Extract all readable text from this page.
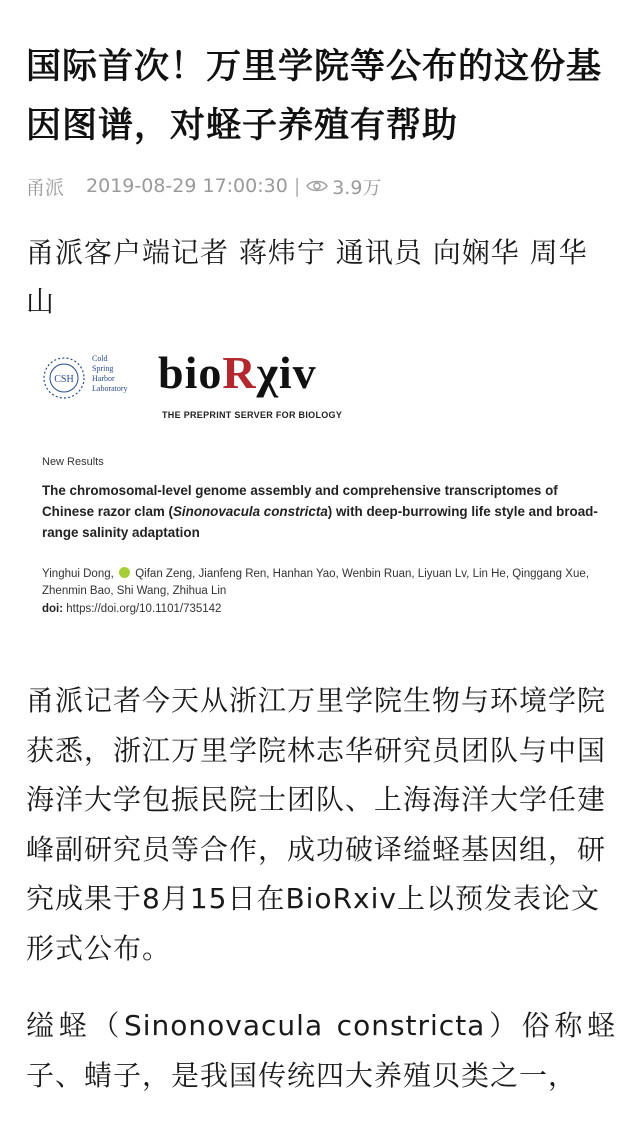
国际首次！万里学院等公布的这份基因图谱，对蛏子养殖有帮助
甬派 2019-08-29 17:00:30 | 3.9万
甬派客户端记者 蒋炜宁 通讯员 向娴华 周华山
CSH
Cold
Spring
Harbor
Laboratory bioRχiv
THE PREPRINT SERVER FOR BIOLOGY
New Results
The chromosomal-level genome assembly and comprehensive transcriptomes of Chinese razor clam (Sinonovacula constricta) with deep-burrowing life style and broad-range salinity adaptation
Yinghui Dong, Qifan Zeng, Jianfeng Ren, Hanhan Yao, Wenbin Ruan, Liyuan Lv, Lin He, Qinggang Xue, Zhenmin Bao, Shi Wang, Zhihua Lin
doi: https://doi.org/10.1101/735142

甬派记者今天从浙江万里学院生物与环境学院获悉，浙江万里学院林志华研究员团队与中国海洋大学包振民院士团队、上海海洋大学任建峰副研究员等合作，成功破译缢蛏基因组，研究成果于8月15日在BioRxiv上以预发表论文形式公布。

缢蛏（Sinonovacula constricta）俗称蛏子、蜻子，是我国传统四大养殖贝类之一，
